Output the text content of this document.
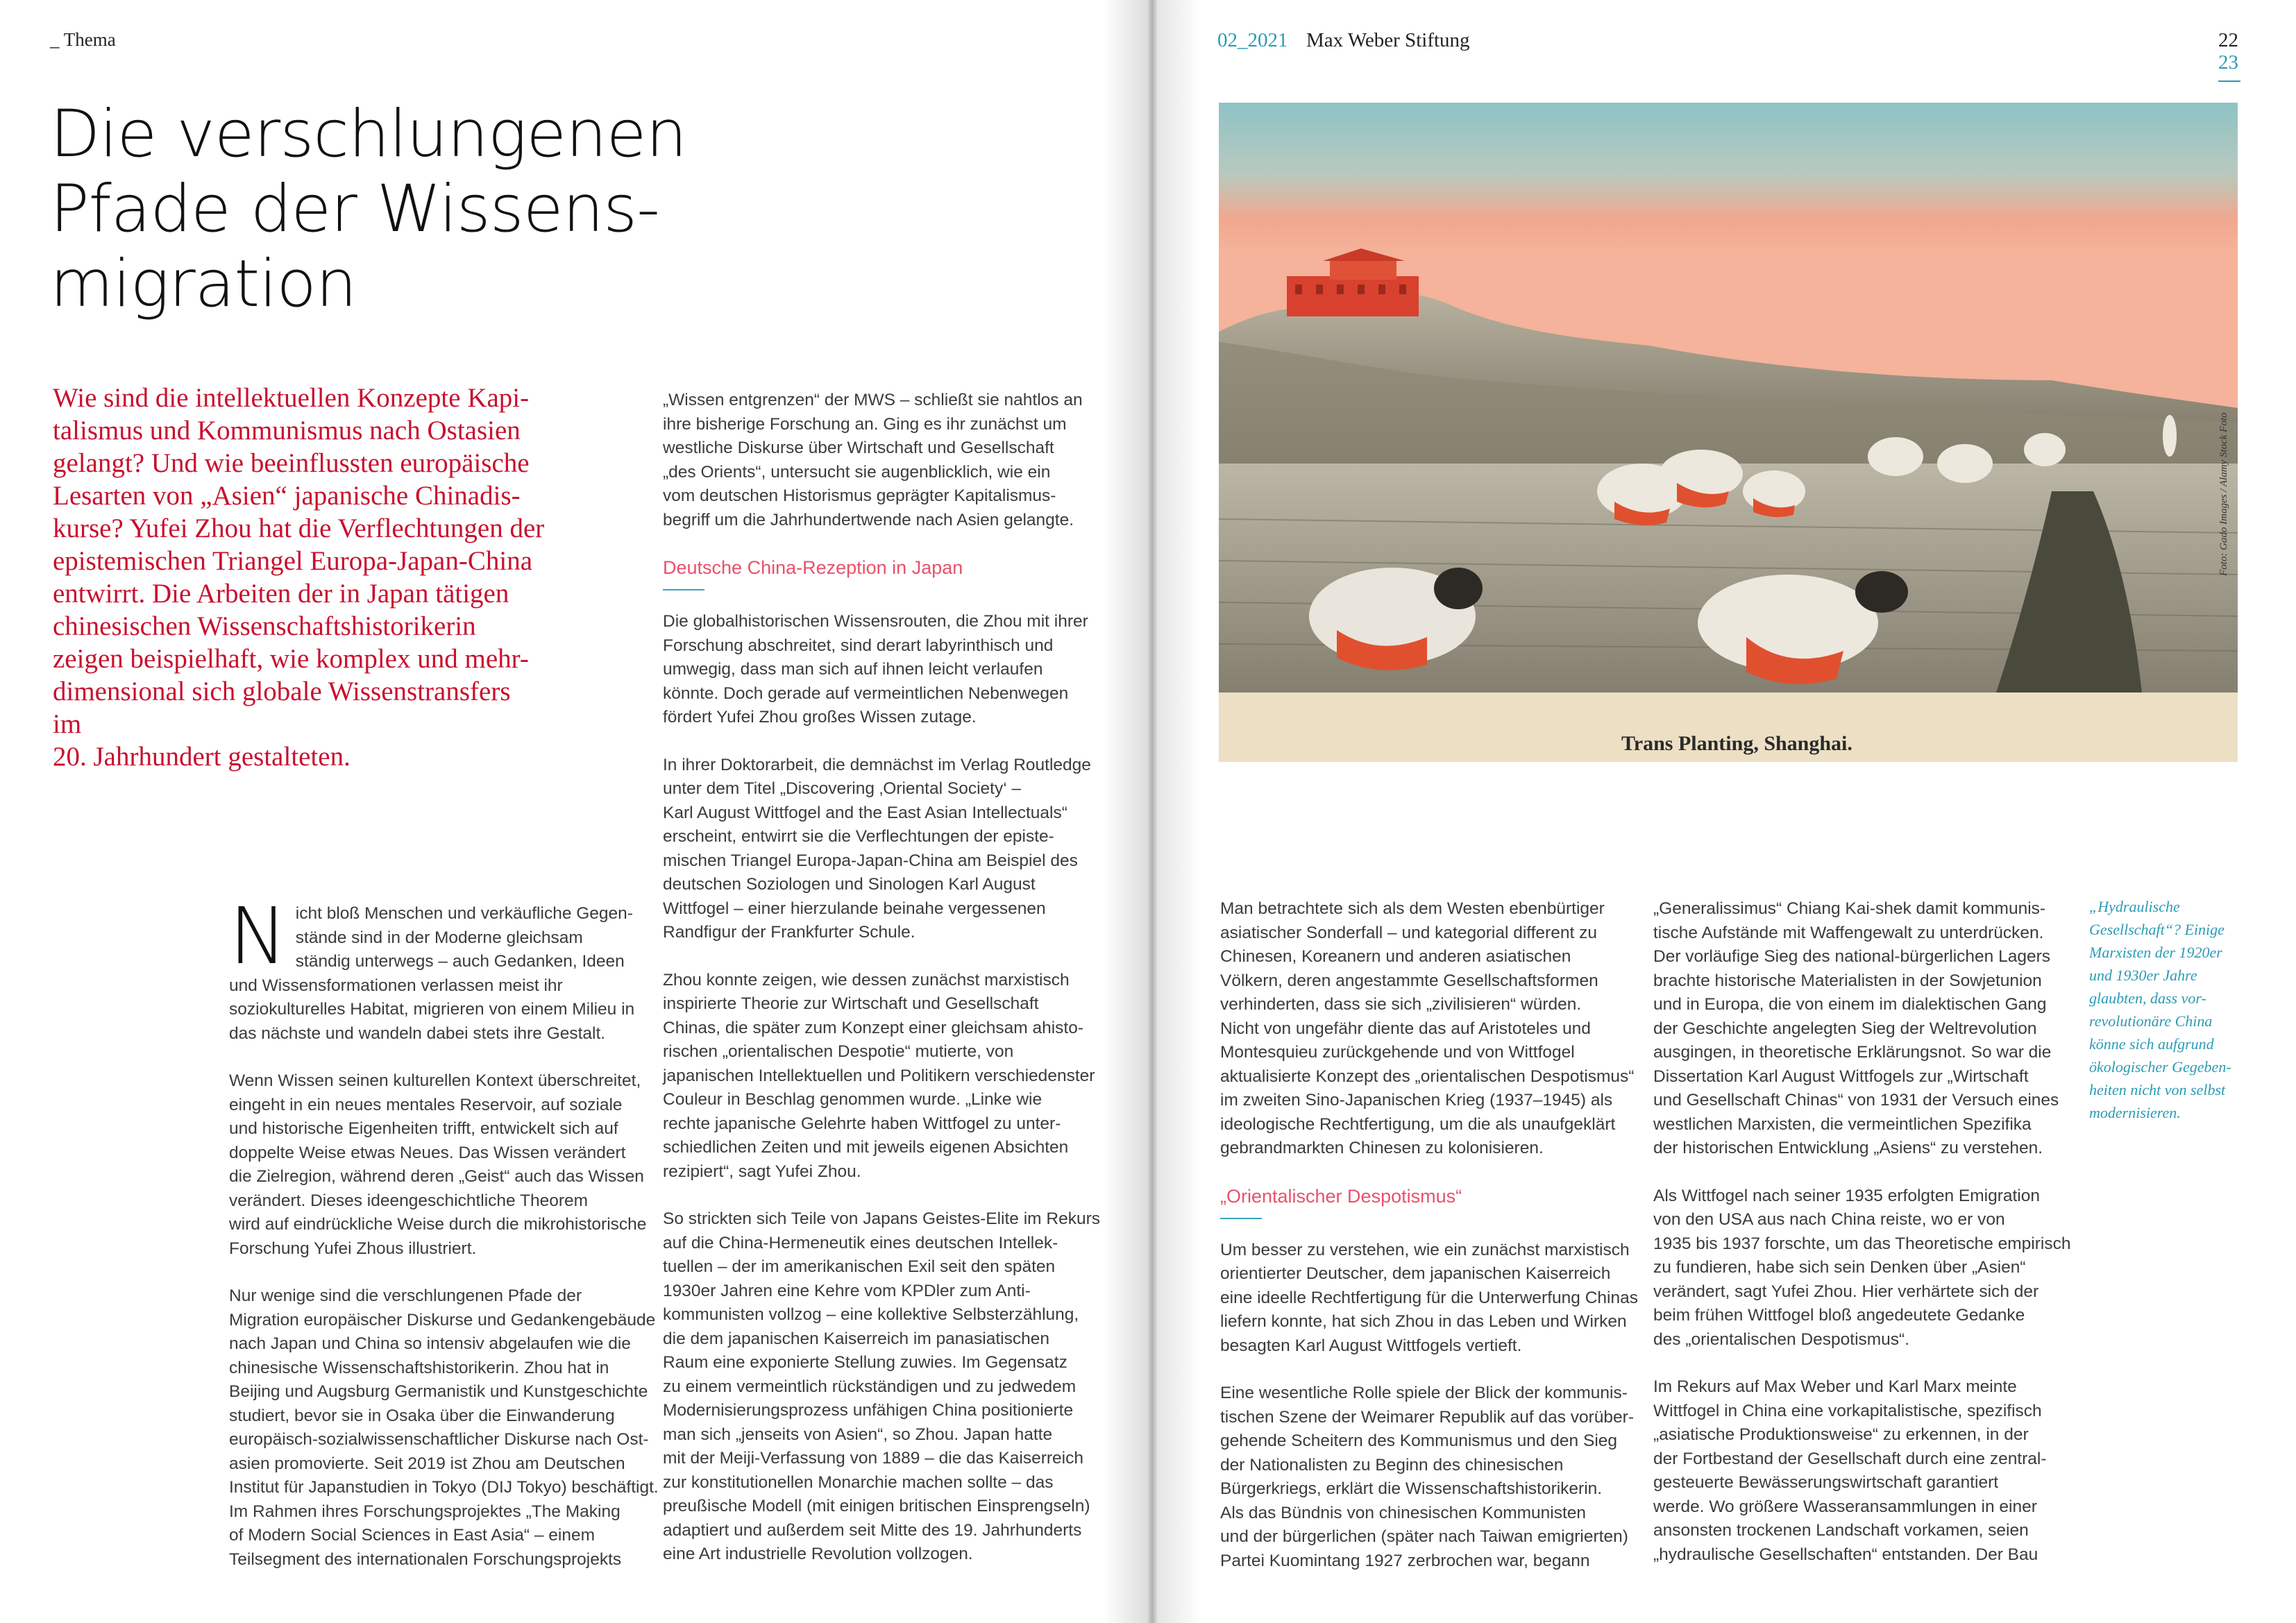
_ Thema
Die verschlungenen
Pfade der Wissens-
migration
Wie sind die intellektuellen Konzepte Kapi-
talismus und Kommunismus nach Ostasien
gelangt? Und wie beeinflussten europäische
Lesarten von „Asien“ japanische Chinadis-
kurse? Yufei Zhou hat die Verflechtungen der
epistemischen Triangel Europa-Japan-China
entwirrt. Die Arbeiten der in Japan tätigen
chinesischen Wissenschaftshistorikerin
zeigen beispielhaft, wie komplex und mehr-
dimensional sich globale Wissenstransfers im
20. Jahrhundert gestalteten.

N icht bloß Menschen und verkäufliche Gegen-
stände sind in der Moderne gleichsam
ständig unterwegs – auch Gedanken, Ideen
und Wissensformationen verlassen meist ihr
soziokulturelles Habitat, migrieren von einem Milieu in
das nächste und wandeln dabei stets ihre Gestalt.

Wenn Wissen seinen kulturellen Kontext überschreitet,
eingeht in ein neues mentales Reservoir, auf soziale
und historische Eigenheiten trifft, entwickelt sich auf
doppelte Weise etwas Neues. Das Wissen verändert
die Zielregion, während deren „Geist“ auch das Wissen
verändert. Dieses ideengeschichtliche Theorem
wird auf eindrückliche Weise durch die mikrohistorische
Forschung Yufei Zhous illustriert.

Nur wenige sind die verschlungenen Pfade der
Migration europäischer Diskurse und Gedankengebäude
nach Japan und China so intensiv abgelaufen wie die
chinesische Wissenschaftshistorikerin. Zhou hat in
Beijing und Augsburg Germanistik und Kunstgeschichte
studiert, bevor sie in Osaka über die Einwanderung
europäisch-sozialwissenschaftlicher Diskurse nach Ost-
asien promovierte. Seit 2019 ist Zhou am Deutschen
Institut für Japanstudien in Tokyo (DIJ Tokyo) beschäftigt.
Im Rahmen ihres Forschungsprojektes „The Making
of Modern Social Sciences in East Asia“ – einem
Teilsegment des internationalen Forschungsprojekts

„Wissen entgrenzen“ der MWS – schließt sie nahtlos an
ihre bisherige Forschung an. Ging es ihr zunächst um
westliche Diskurse über Wirtschaft und Gesellschaft
„des Orients“, untersucht sie augenblicklich, wie ein
vom deutschen Historismus geprägter Kapitalismus-
begriff um die Jahrhundertwende nach Asien gelangte.

Deutsche China-Rezeption in Japan

Die globalhistorischen Wissensrouten, die Zhou mit ihrer
Forschung abschreitet, sind derart labyrinthisch und
umwegig, dass man sich auf ihnen leicht verlaufen
könnte. Doch gerade auf vermeintlichen Nebenwegen
fördert Yufei Zhou großes Wissen zutage.

In ihrer Doktorarbeit, die demnächst im Verlag Routledge
unter dem Titel „Discovering ‚Oriental Society‘ –
Karl August Wittfogel and the East Asian Intellectuals“
erscheint, entwirrt sie die Verflechtungen der episte-
mischen Triangel Europa-Japan-China am Beispiel des
deutschen Soziologen und Sinologen Karl August
Wittfogel – einer hierzulande beinahe vergessenen
Randfigur der Frankfurter Schule.

Zhou konnte zeigen, wie dessen zunächst marxistisch
inspirierte Theorie zur Wirtschaft und Gesellschaft
Chinas, die später zum Konzept einer gleichsam ahisto-
rischen „orientalischen Despotie“ mutierte, von
japanischen Intellektuellen und Politikern verschiedenster
Couleur in Beschlag genommen wurde. „Linke wie
rechte japanische Gelehrte haben Wittfogel zu unter-
schiedlichen Zeiten und mit jeweils eigenen Absichten
rezipiert“, sagt Yufei Zhou.

So strickten sich Teile von Japans Geistes-Elite im Rekurs
auf die China-Hermeneutik eines deutschen Intellek-
tuellen – der im amerikanischen Exil seit den späten
1930er Jahren eine Kehre vom KPDler zum Anti-
kommunisten vollzog – eine kollektive Selbsterzählung,
die dem japanischen Kaiserreich im panasiatischen
Raum eine exponierte Stellung zuwies. Im Gegensatz
zu einem vermeintlich rückständigen und zu jedwedem
Modernisierungsprozess unfähigen China positionierte
man sich „jenseits von Asien“, so Zhou. Japan hatte
mit der Meiji-Verfassung von 1889 – die das Kaiserreich
zur konstitutionellen Monarchie machen sollte – das
preußische Modell (mit einigen britischen Einsprengseln)
adaptiert und außerdem seit Mitte des 19. Jahrhunderts
eine Art industrielle Revolution vollzogen.

02_2021 Max Weber Stiftung	22
23
Trans Planting, Shanghai.
Foto: Gado Images / Alamy Stock Foto

Man betrachtete sich als dem Westen ebenbürtiger
asiatischer Sonderfall – und kategorial different zu
Chinesen, Koreanern und anderen asiatischen
Völkern, deren angestammte Gesellschaftsformen
verhinderten, dass sie sich „zivilisieren“ würden.
Nicht von ungefähr diente das auf Aristoteles und
Montesquieu zurückgehende und von Wittfogel
aktualisierte Konzept des „orientalischen Despotismus“
im zweiten Sino-Japanischen Krieg (1937–1945) als
ideologische Rechtfertigung, um die als unaufgeklärt
gebrandmarkten Chinesen zu kolonisieren.

„Orientalischer Despotismus“

Um besser zu verstehen, wie ein zunächst marxistisch
orientierter Deutscher, dem japanischen Kaiserreich
eine ideelle Rechtfertigung für die Unterwerfung Chinas
liefern konnte, hat sich Zhou in das Leben und Wirken
besagten Karl August Wittfogels vertieft.

Eine wesentliche Rolle spiele der Blick der kommunis-
tischen Szene der Weimarer Republik auf das vorüber-
gehende Scheitern des Kommunismus und den Sieg
der Nationalisten zu Beginn des chinesischen
Bürgerkriegs, erklärt die Wissenschaftshistorikerin.
Als das Bündnis von chinesischen Kommunisten
und der bürgerlichen (später nach Taiwan emigrierten)
Partei Kuomintang 1927 zerbrochen war, begann

„Generalissimus“ Chiang Kai-shek damit kommunis-
tische Aufstände mit Waffengewalt zu unterdrücken.
Der vorläufige Sieg des national-bürgerlichen Lagers
brachte historische Materialisten in der Sowjetunion
und in Europa, die von einem im dialektischen Gang
der Geschichte angelegten Sieg der Weltrevolution
ausgingen, in theoretische Erklärungsnot. So war die
Dissertation Karl August Wittfogels zur „Wirtschaft
und Gesellschaft Chinas“ von 1931 der Versuch eines
westlichen Marxisten, die vermeintlichen Spezifika
der historischen Entwicklung „Asiens“ zu verstehen.

Als Wittfogel nach seiner 1935 erfolgten Emigration
von den USA aus nach China reiste, wo er von
1935 bis 1937 forschte, um das Theoretische empirisch
zu fundieren, habe sich sein Denken über „Asien“
verändert, sagt Yufei Zhou. Hier verhärtete sich der
beim frühen Wittfogel bloß angedeutete Gedanke
des „orientalischen Despotismus“.

Im Rekurs auf Max Weber und Karl Marx meinte
Wittfogel in China eine vorkapitalistische, spezifisch
„asiatische Produktionsweise“ zu erkennen, in der
der Fortbestand der Gesellschaft durch eine zentral-
gesteuerte Bewässerungswirtschaft garantiert
werde. Wo größere Wasseransammlungen in einer
ansonsten trockenen Landschaft vorkamen, seien
„hydraulische Gesellschaften“ entstanden. Der Bau

„Hydraulische
Gesellschaft“? Einige
Marxisten der 1920er
und 1930er Jahre
glaubten, dass vor-
revolutionäre China
könne sich aufgrund
ökologischer Gegeben-
heiten nicht von selbst
modernisieren.
